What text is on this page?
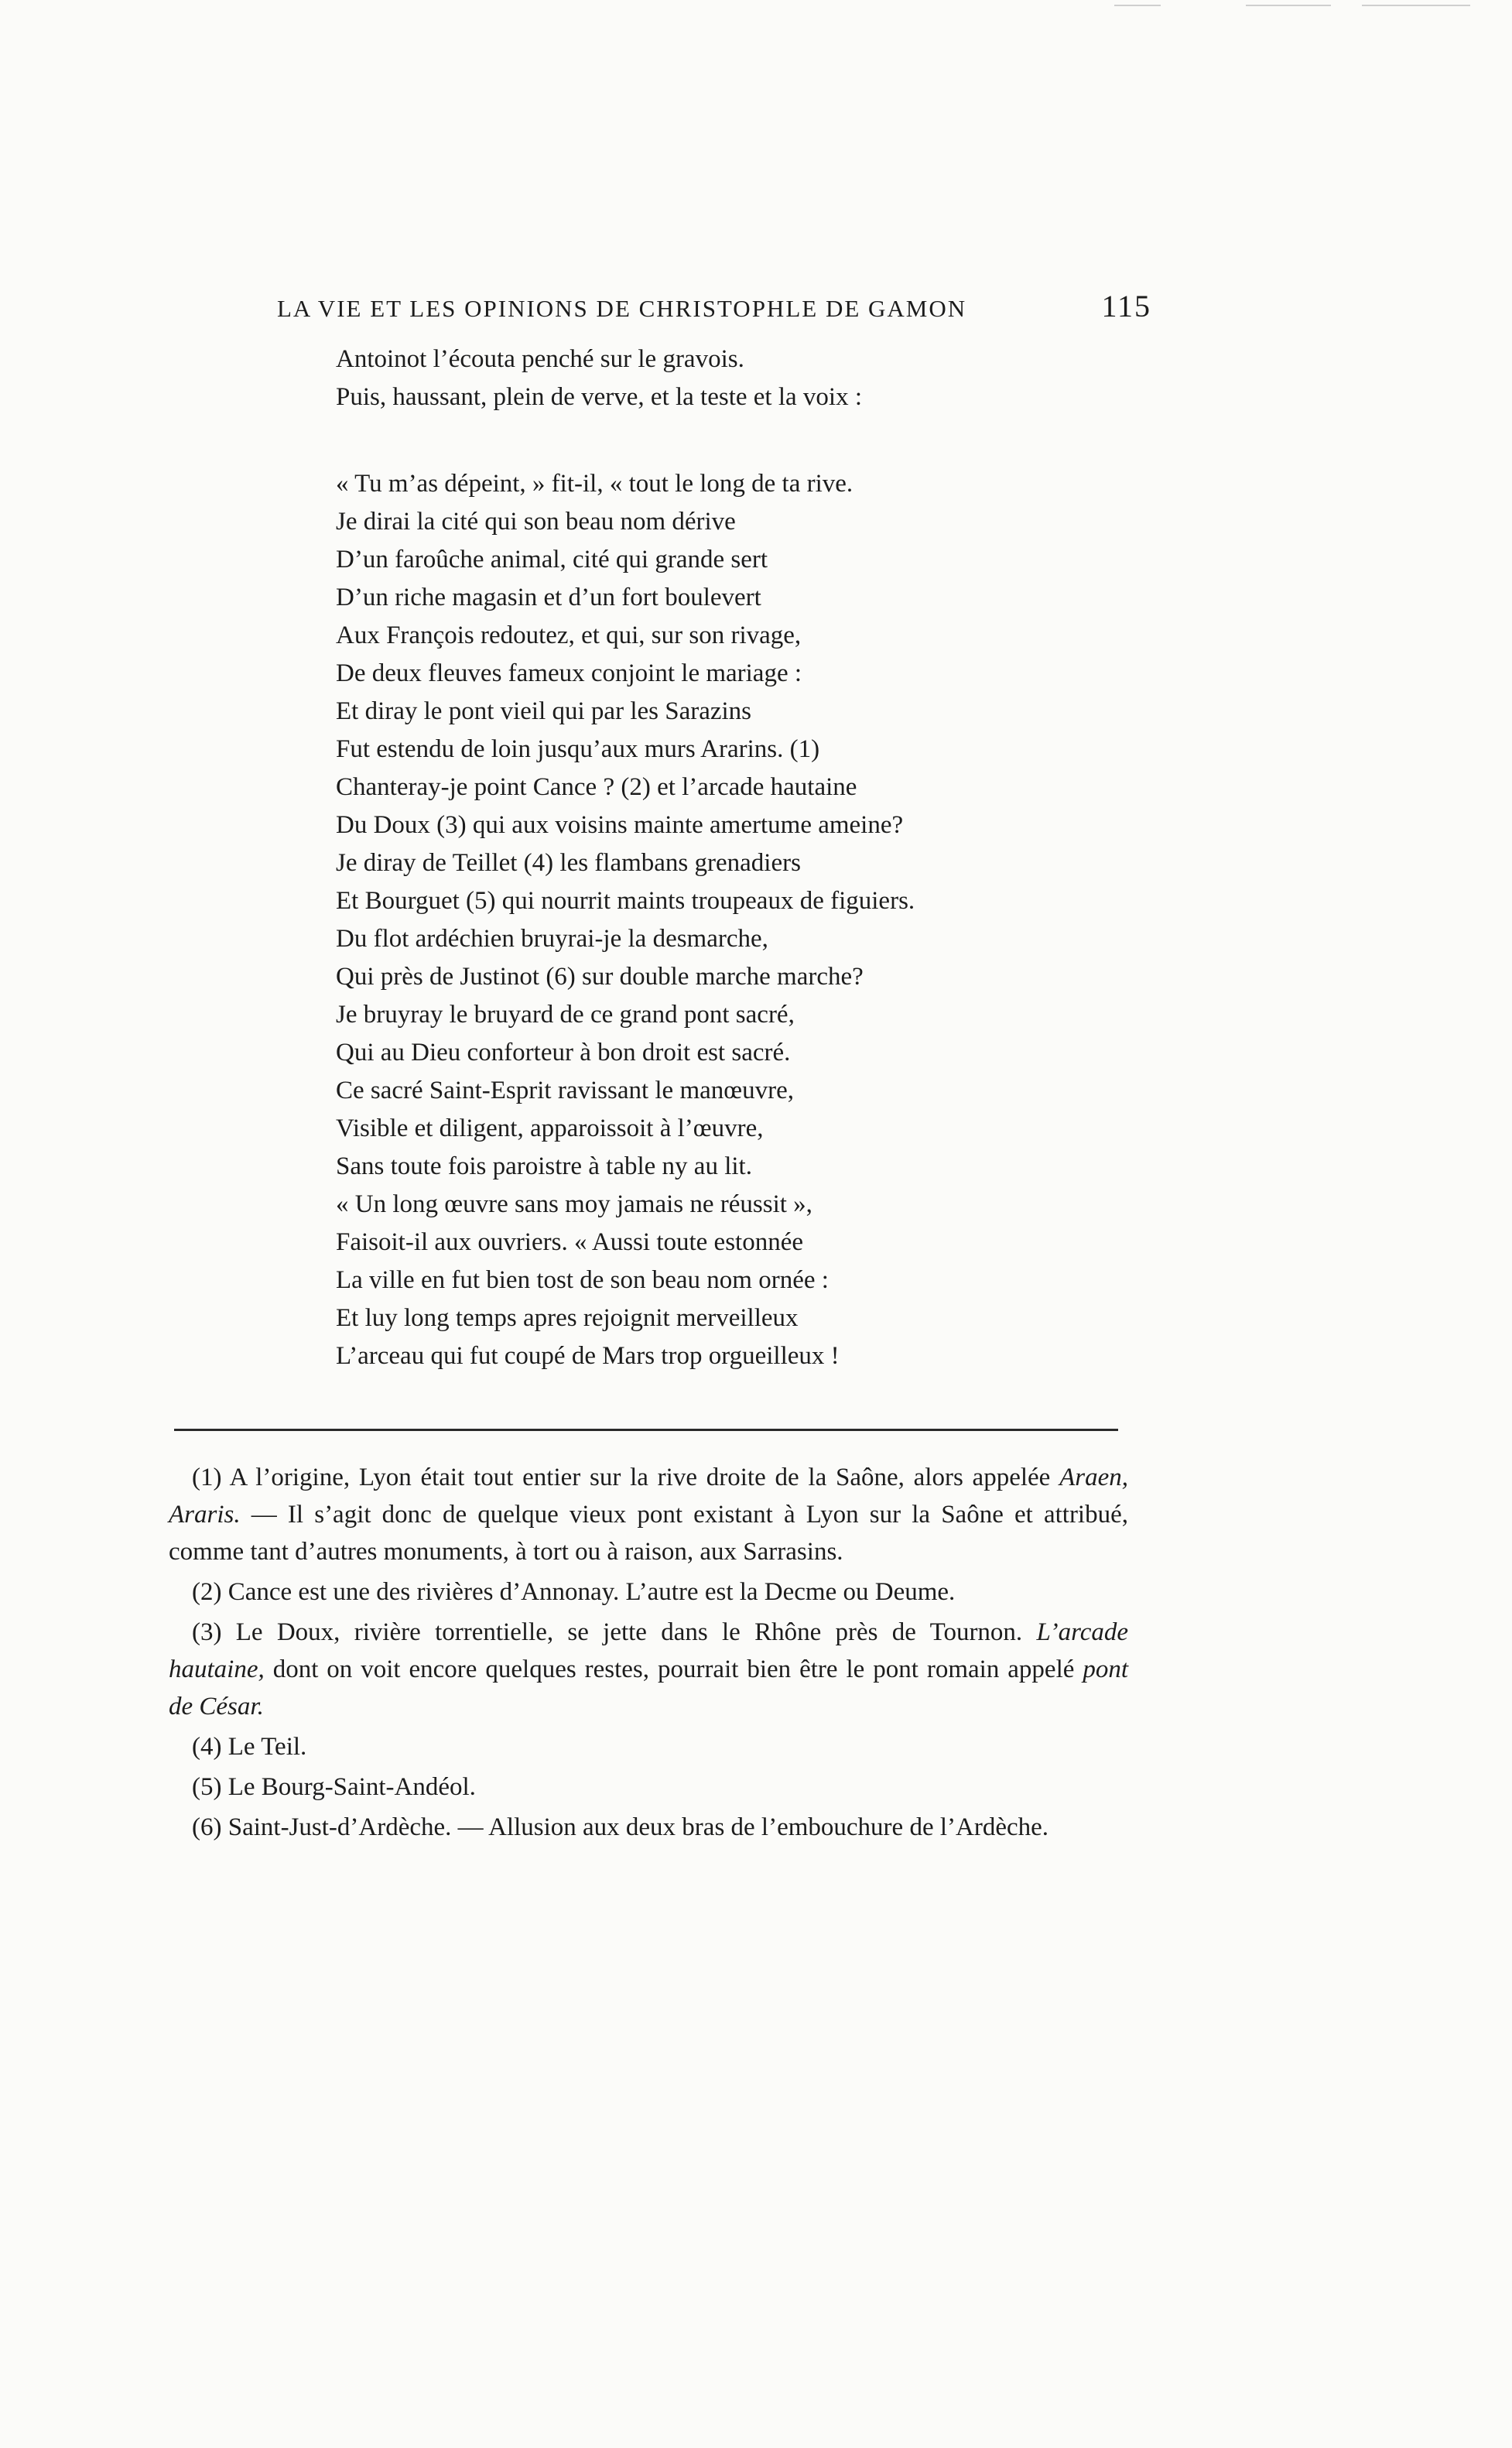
LA VIE ET LES OPINIONS DE CHRISTOPHLE DE GAMON	115
Antoinot l’écouta penché sur le gravois.
Puis, haussant, plein de verve, et la teste et la voix :
« Tu m’as dépeint, » fit-il, « tout le long de ta rive.
Je dirai la cité qui son beau nom dérive
D’un faroûche animal, cité qui grande sert
D’un riche magasin et d’un fort boulevert
Aux François redoutez, et qui, sur son rivage,
De deux fleuves fameux conjoint le mariage :
Et diray le pont vieil qui par les Sarazins
Fut estendu de loin jusqu’aux murs Ararins. (1)
Chanteray-je point Cance ? (2) et l’arcade hautaine
Du Doux (3) qui aux voisins mainte amertume ameine?
Je diray de Teillet (4) les flambans grenadiers
Et Bourguet (5) qui nourrit maints troupeaux de figuiers.
Du flot ardéchien bruyrai-je la desmarche,
Qui près de Justinot (6) sur double marche marche?
Je bruyray le bruyard de ce grand pont sacré,
Qui au Dieu conforteur à bon droit est sacré.
Ce sacré Saint-Esprit ravissant le manœuvre,
Visible et diligent, apparoissoit à l’œuvre,
Sans toute fois paroistre à table ny au lit.
« Un long œuvre sans moy jamais ne réussit »,
Faisoit-il aux ouvriers. « Aussi toute estonnée
La ville en fut bien tost de son beau nom ornée :
Et luy long temps apres rejoignit merveilleux
L’arceau qui fut coupé de Mars trop orgueilleux !

(1) A l’origine, Lyon était tout entier sur la rive droite de la Saône, alors appelée Araen, Araris. — Il s’agit donc de quelque vieux pont existant à Lyon sur la Saône et attribué, comme tant d’autres monuments, à tort ou à raison, aux Sarrasins.

(2) Cance est une des rivières d’Annonay. L’autre est la Decme ou Deume.

(3) Le Doux, rivière torrentielle, se jette dans le Rhône près de Tournon. L’arcade hautaine, dont on voit encore quelques restes, pourrait bien être le pont romain appelé pont de César.

(4) Le Teil.

(5) Le Bourg-Saint-Andéol.

(6) Saint-Just-d’Ardèche. — Allusion aux deux bras de l’embouchure de l’Ardèche.
